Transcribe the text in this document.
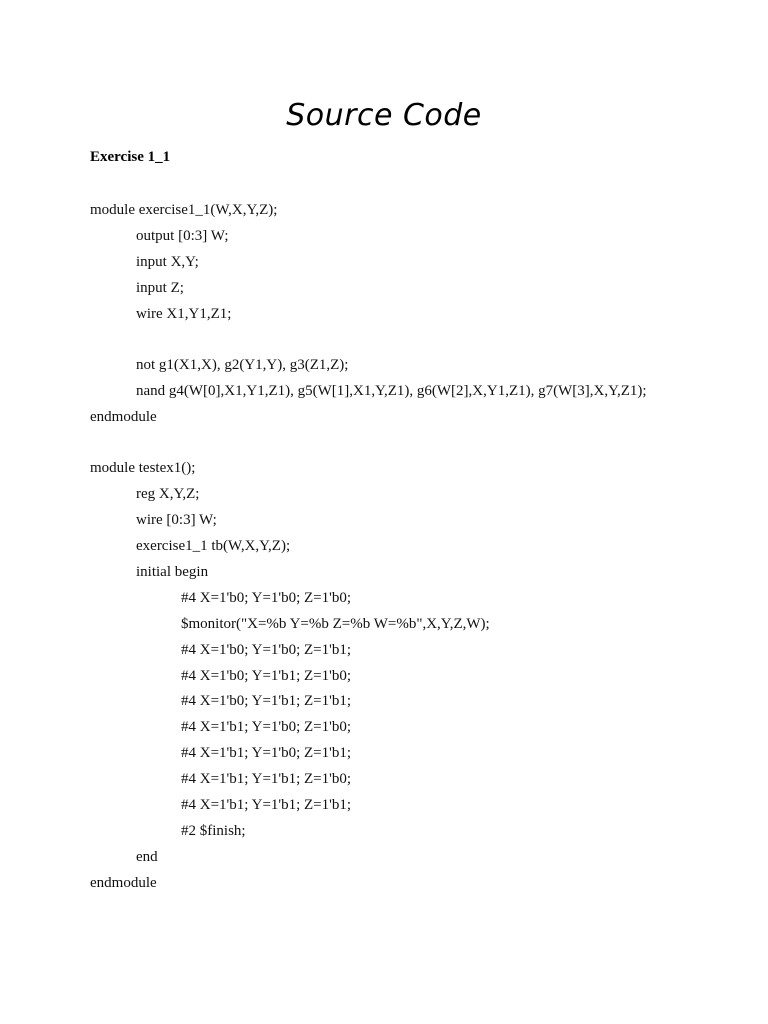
Source Code
Exercise 1_1
module exercise1_1(W,X,Y,Z);
output [0:3] W;
input X,Y;
input Z;
wire X1,Y1,Z1;
not g1(X1,X), g2(Y1,Y), g3(Z1,Z);
nand g4(W[0],X1,Y1,Z1), g5(W[1],X1,Y,Z1), g6(W[2],X,Y1,Z1), g7(W[3],X,Y,Z1);
endmodule
module testex1();
reg X,Y,Z;
wire [0:3] W;
exercise1_1 tb(W,X,Y,Z);
initial begin
#4 X=1'b0; Y=1'b0; Z=1'b0;
$monitor("X=%b Y=%b Z=%b W=%b",X,Y,Z,W);
#4 X=1'b0; Y=1'b0; Z=1'b1;
#4 X=1'b0; Y=1'b1; Z=1'b0;
#4 X=1'b0; Y=1'b1; Z=1'b1;
#4 X=1'b1; Y=1'b0; Z=1'b0;
#4 X=1'b1; Y=1'b0; Z=1'b1;
#4 X=1'b1; Y=1'b1; Z=1'b0;
#4 X=1'b1; Y=1'b1; Z=1'b1;
#2 $finish;
end
endmodule
